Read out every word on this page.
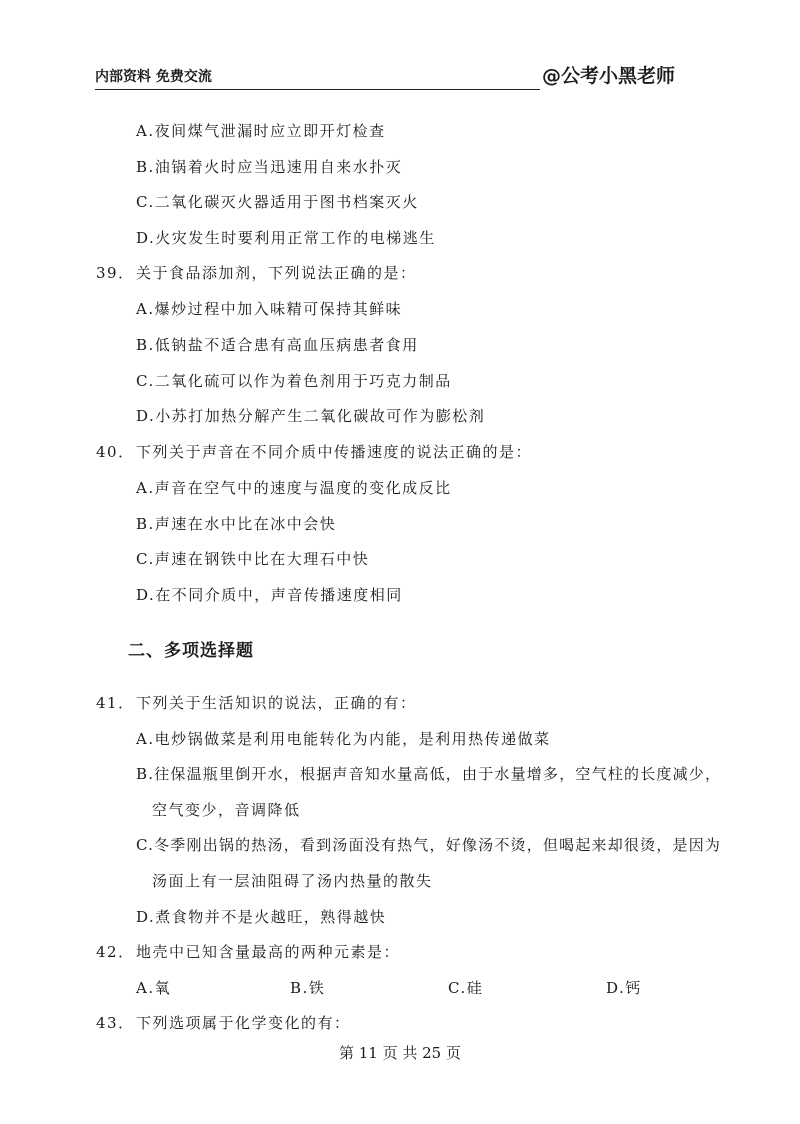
内部资料 免费交流	@公考小黑老师
A.夜间煤气泄漏时应立即开灯检查
B.油锅着火时应当迅速用自来水扑灭
C.二氧化碳灭火器适用于图书档案灭火
D.火灾发生时要利用正常工作的电梯逃生
39． 关于食品添加剂，下列说法正确的是：
A.爆炒过程中加入味精可保持其鲜味
B.低钠盐不适合患有高血压病患者食用
C.二氧化硫可以作为着色剂用于巧克力制品
D.小苏打加热分解产生二氧化碳故可作为膨松剂
40． 下列关于声音在不同介质中传播速度的说法正确的是：
A.声音在空气中的速度与温度的变化成反比
B.声速在水中比在冰中会快
C.声速在钢铁中比在大理石中快
D.在不同介质中，声音传播速度相同
二、多项选择题
41． 下列关于生活知识的说法，正确的有：
A.电炒锅做菜是利用电能转化为内能，是利用热传递做菜
B.往保温瓶里倒开水，根据声音知水量高低，由于水量增多，空气柱的长度减少，
空气变少，音调降低
C.冬季刚出锅的热汤，看到汤面没有热气，好像汤不烫，但喝起来却很烫，是因为
汤面上有一层油阻碍了汤内热量的散失
D.煮食物并不是火越旺，熟得越快
42． 地壳中已知含量最高的两种元素是：
A.氧	B.铁	C.硅	D.钙
43． 下列选项属于化学变化的有：
第 11 页 共 25 页
